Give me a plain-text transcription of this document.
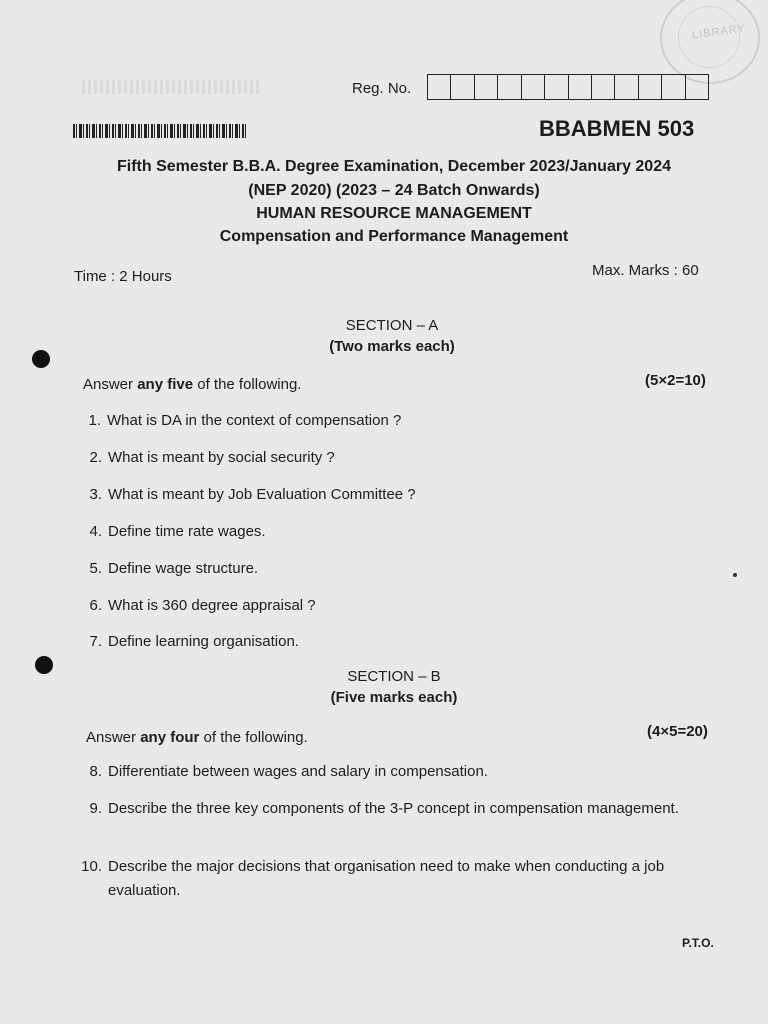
LIBRARY
Reg. No.
BBABMEN 503
Fifth Semester B.B.A. Degree Examination, December 2023/January 2024
(NEP 2020) (2023 – 24 Batch Onwards)
HUMAN RESOURCE MANAGEMENT
Compensation and Performance Management
Time : 2 Hours	Max. Marks : 60
SECTION – A
(Two marks each)
Answer any five of the following.	(5×2=10)
1. What is DA in the context of compensation ?
2. What is meant by social security ?
3. What is meant by Job Evaluation Committee ?
4. Define time rate wages.
5. Define wage structure.
6. What is 360 degree appraisal ?
7. Define learning organisation.
SECTION – B
(Five marks each)
Answer any four of the following.	(4×5=20)
8. Differentiate between wages and salary in compensation.
9. Describe the three key components of the 3-P concept in compensation management.
10. Describe the major decisions that organisation need to make when conducting a job evaluation.
P.T.O.
